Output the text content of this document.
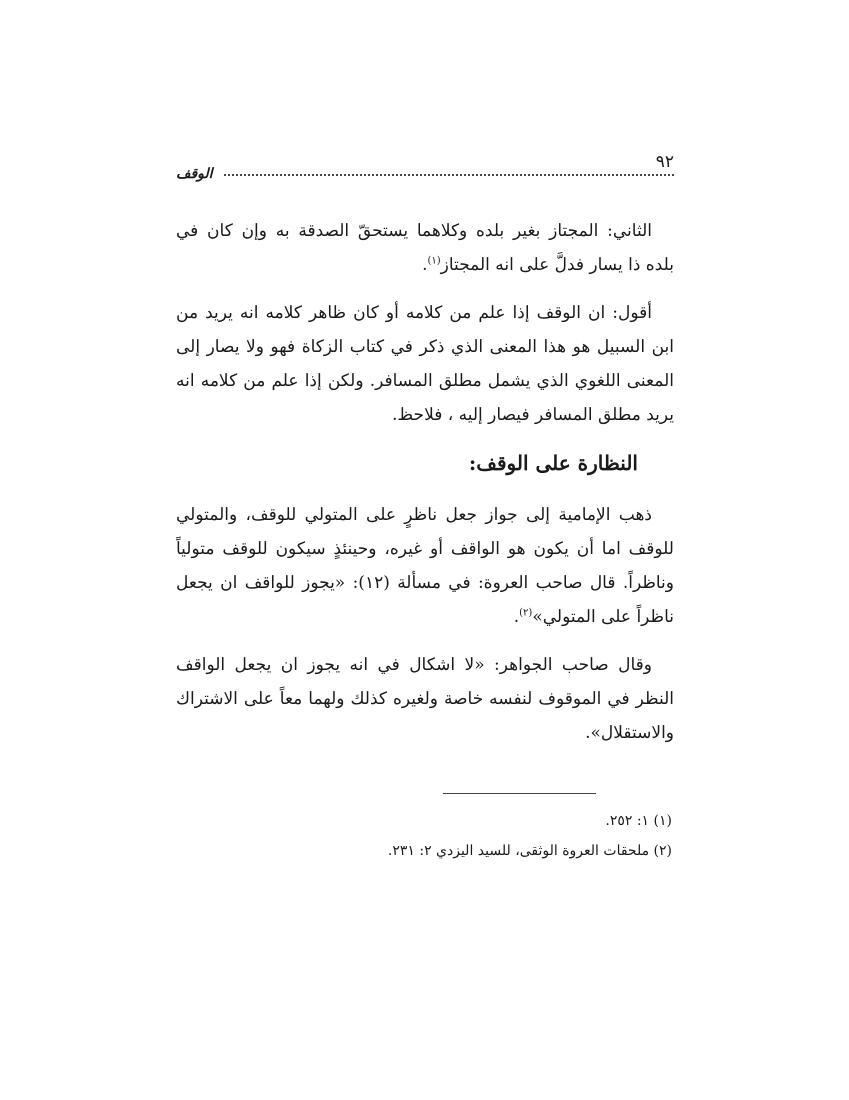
٩٢
الوقف

الثاني: المجتاز بغير بلده وكلاهما يستحقّ الصدقة به وإن كان في بلده ذا يسار فدلَّ على انه المجتاز$^{(١)}$.

أقول: ان الوقف إذا علم من كلامه أو كان ظاهر كلامه انه يريد من ابن السبيل هو هذا المعنى الذي ذكر في كتاب الزكاة فهو ولا يصار إلى المعنى اللغوي الذي يشمل مطلق المسافر. ولكن إذا علم من كلامه انه يريد مطلق المسافر فيصار إليه ، فلاحظ.

النظارة على الوقف:

ذهب الإمامية إلى جواز جعل ناظرٍ على المتولي للوقف، والمتولي للوقف اما أن يكون هو الواقف أو غيره، وحينئذٍ سيكون للوقف متولياً وناظراً. قال صاحب العروة: في مسألة (١٢): «يجوز للواقف ان يجعل ناظراً على المتولي»$^{(٢)}$.

وقال صاحب الجواهر: «لا اشكال في انه يجوز ان يجعل الواقف النظر في الموقوف لنفسه خاصة ولغيره كذلك ولهما معاً على الاشتراك والاستقلال».

(١) ١: ٢٥٢.

(٢) ملحقات العروة الوثقى، للسيد اليزدي ٢: ٢٣١.
